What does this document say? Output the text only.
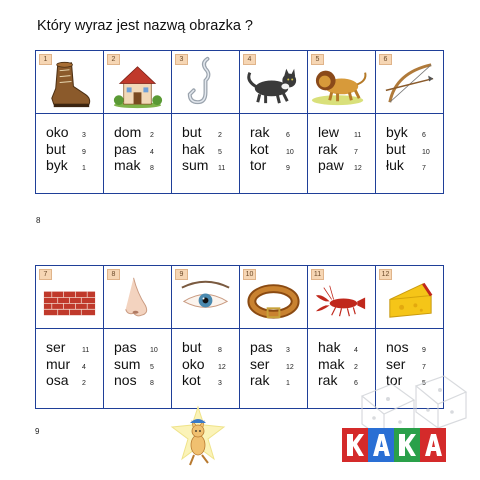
Który wyraz jest nazwą obrazka ?
1
oko	3
but	9
byk	1
2
dom	2
pas	4
mak	8
3
but	2
hak	5
sum	11
4
rak	6
kot	10
tor	9
5
lew	11
rak	7
paw	12
6
byk	6
but	10
łuk	7
8
7
ser	11
mur	4
osa	2
8
pas	10
sum	5
nos	8
9
but	8
oko	12
kot	3
10
pas	3
ser	12
rak	1
11
hak	4
mak	2
rak	6
12
nos	9
ser	7
tor	5
9
